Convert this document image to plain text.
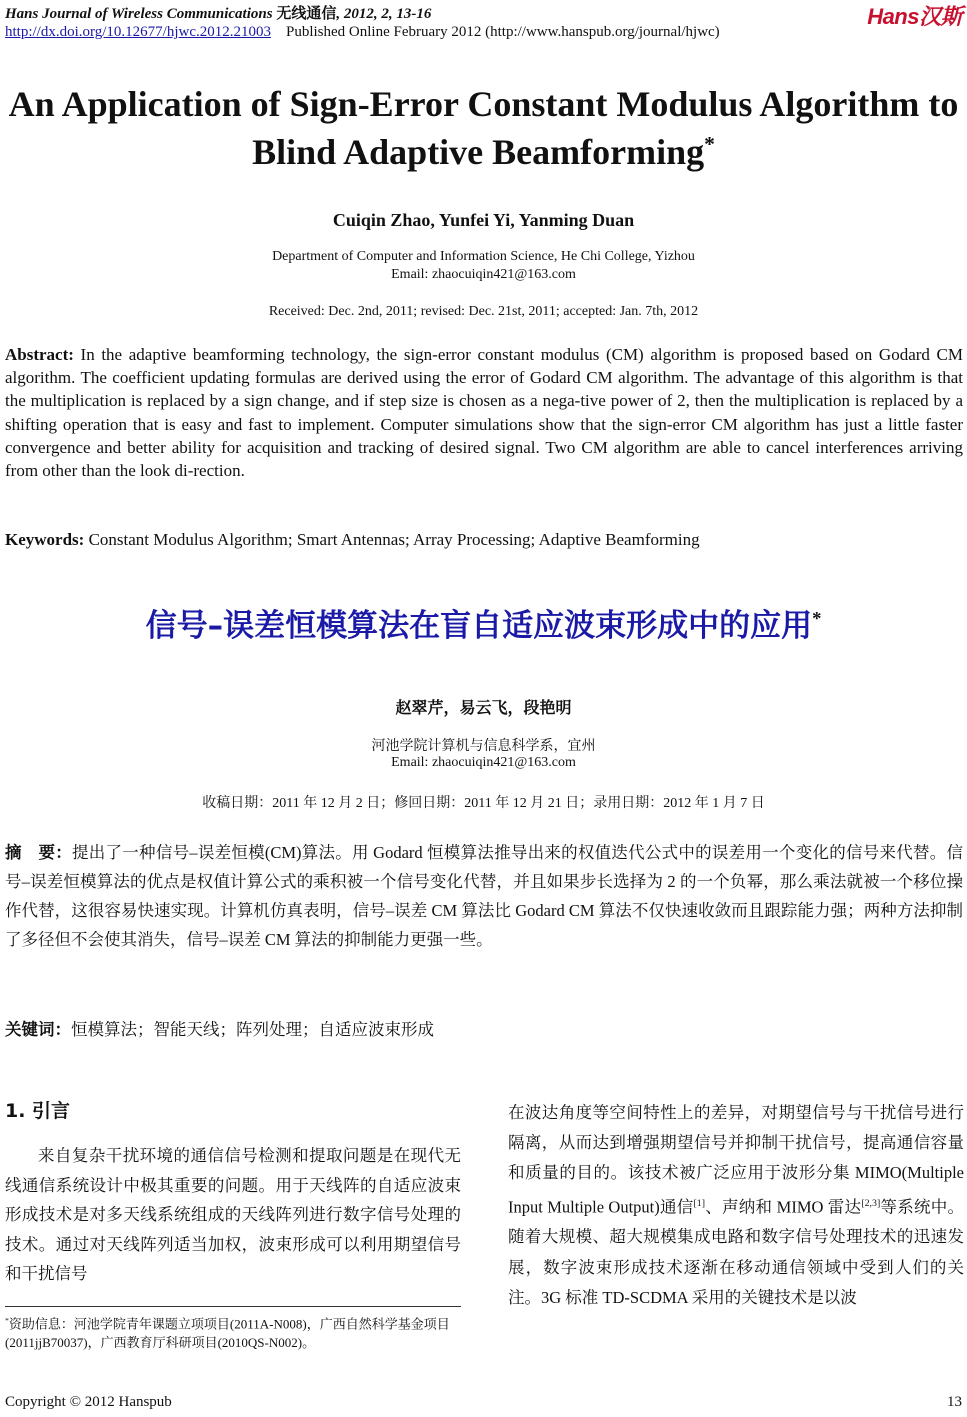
Hans Journal of Wireless Communications 无线通信, 2012, 2, 13-16
http://dx.doi.org/10.12677/hjwc.2012.21003 Published Online February 2012 (http://www.hanspub.org/journal/hjwc)
Hans汉斯
An Application of Sign-Error Constant Modulus Algorithm to Blind Adaptive Beamforming*
Cuiqin Zhao, Yunfei Yi, Yanming Duan
Department of Computer and Information Science, He Chi College, Yizhou
Email: zhaocuiqin421@163.com
Received: Dec. 2nd, 2011; revised: Dec. 21st, 2011; accepted: Jan. 7th, 2012
Abstract: In the adaptive beamforming technology, the sign-error constant modulus (CM) algorithm is proposed based on Godard CM algorithm. The coefficient updating formulas are derived using the error of Godard CM algorithm. The advantage of this algorithm is that the multiplication is replaced by a sign change, and if step size is chosen as a nega-tive power of 2, then the multiplication is replaced by a shifting operation that is easy and fast to implement. Computer simulations show that the sign-error CM algorithm has just a little faster convergence and better ability for acquisition and tracking of desired signal. Two CM algorithm are able to cancel interferences arriving from other than the look di-rection.
Keywords: Constant Modulus Algorithm; Smart Antennas; Array Processing; Adaptive Beamforming
信号–误差恒模算法在盲自适应波束形成中的应用*
赵翠芹，易云飞，段艳明
河池学院计算机与信息科学系，宜州
Email: zhaocuiqin421@163.com
收稿日期：2011 年 12 月 2 日；修回日期：2011 年 12 月 21 日；录用日期：2012 年 1 月 7 日
摘　要：提出了一种信号–误差恒模(CM)算法。用 Godard 恒模算法推导出来的权值迭代公式中的误差用一个变化的信号来代替。信号–误差恒模算法的优点是权值计算公式的乘积被一个信号变化代替，并且如果步长选择为 2 的一个负幂，那么乘法就被一个移位操作代替，这很容易快速实现。计算机仿真表明，信号–误差 CM 算法比 Godard CM 算法不仅快速收敛而且跟踪能力强；两种方法抑制了多径但不会使其消失，信号–误差 CM 算法的抑制能力更强一些。
关键词：恒模算法；智能天线；阵列处理；自适应波束形成
1. 引言
来自复杂干扰环境的通信信号检测和提取问题是在现代无线通信系统设计中极其重要的问题。用于天线阵的自适应波束形成技术是对多天线系统组成的天线阵列进行数字信号处理的技术。通过对天线阵列适当加权，波束形成可以利用期望信号和干扰信号
在波达角度等空间特性上的差异，对期望信号与干扰信号进行隔离，从而达到增强期望信号并抑制干扰信号，提高通信容量和质量的目的。该技术被广泛应用于波形分集 MIMO(Multiple Input Multiple Output)通信[1]、声纳和 MIMO 雷达[2,3]等系统中。随着大规模、超大规模集成电路和数字信号处理技术的迅速发展，数字波束形成技术逐渐在移动通信领域中受到人们的关注。3G 标准 TD-SCDMA 采用的关键技术是以波
*资助信息：河池学院青年课题立项项目(2011A-N008)，广西自然科学基金项目(2011jjB70037)，广西教育厅科研项目(2010QS-N002)。
Copyright © 2012 Hanspub	13
